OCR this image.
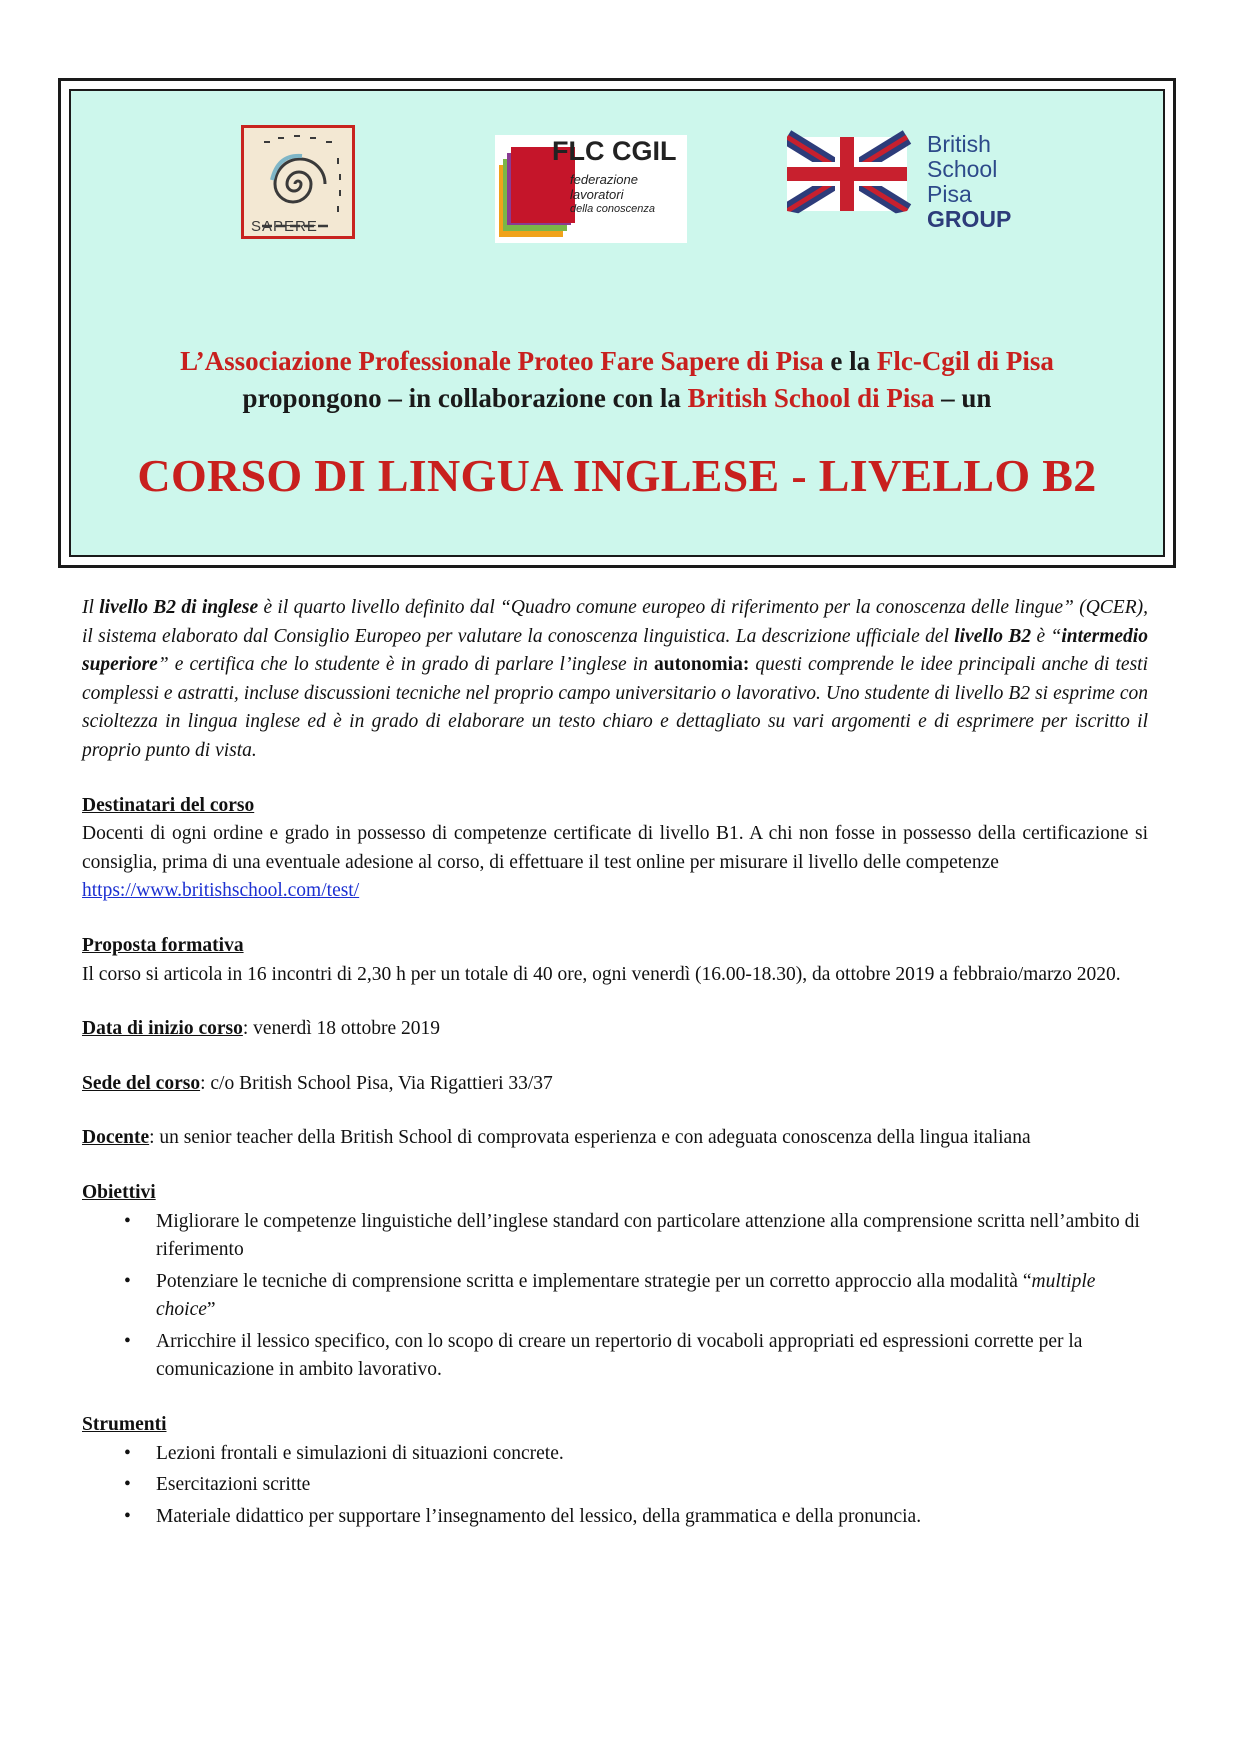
L’Associazione Professionale Proteo Fare Sapere di Pisa e la Flc-Cgil di Pisa
propongono – in collaborazione con la British School di Pisa – un
CORSO DI LINGUA INGLESE - LIVELLO B2
FLC CGIL
federazione
lavoratori
della conoscenza
British
School
Pisa
GROUP
SAPERE

Il livello B2 di inglese è il quarto livello definito dal “Quadro comune europeo di riferimento per la conoscenza delle lingue” (QCER), il sistema elaborato dal Consiglio Europeo per valutare la conoscenza linguistica. La descrizione ufficiale del livello B2 è “intermedio superiore” e certifica che lo studente è in grado di parlare l’inglese in autonomia: questi comprende le idee principali anche di testi complessi e astratti, incluse discussioni tecniche nel proprio campo universitario o lavorativo. Uno studente di livello B2 si esprime con scioltezza in lingua inglese ed è in grado di elaborare un testo chiaro e dettagliato su vari argomenti e di esprimere per iscritto il proprio punto di vista.

Destinatari del corso

Docenti di ogni ordine e grado in possesso di competenze certificate di livello B1. A chi non fosse in possesso della certificazione si consiglia, prima di una eventuale adesione al corso, di effettuare il test online per misurare il livello delle competenze

https://www.britishschool.com/test/
Proposta formativa

Il corso si articola in 16 incontri di 2,30 h per un totale di 40 ore, ogni venerdì (16.00-18.30), da ottobre 2019 a febbraio/marzo 2020.

Data di inizio corso: venerdì 18 ottobre 2019
Sede del corso: c/o British School Pisa, Via Rigattieri 33/37

Docente: un senior teacher della British School di comprovata esperienza e con adeguata conoscenza della lingua italiana

Obiettivi
• Migliorare le competenze linguistiche dell’inglese standard con particolare attenzione alla comprensione scritta nell’ambito di riferimento
• Potenziare le tecniche di comprensione scritta e implementare strategie per un corretto approccio alla modalità “multiple choice”
• Arricchire il lessico specifico, con lo scopo di creare un repertorio di vocaboli appropriati ed espressioni corrette per la comunicazione in ambito lavorativo.
Strumenti
• Lezioni frontali e simulazioni di situazioni concrete.
• Esercitazioni scritte
• Materiale didattico per supportare l’insegnamento del lessico, della grammatica e della pronuncia.
